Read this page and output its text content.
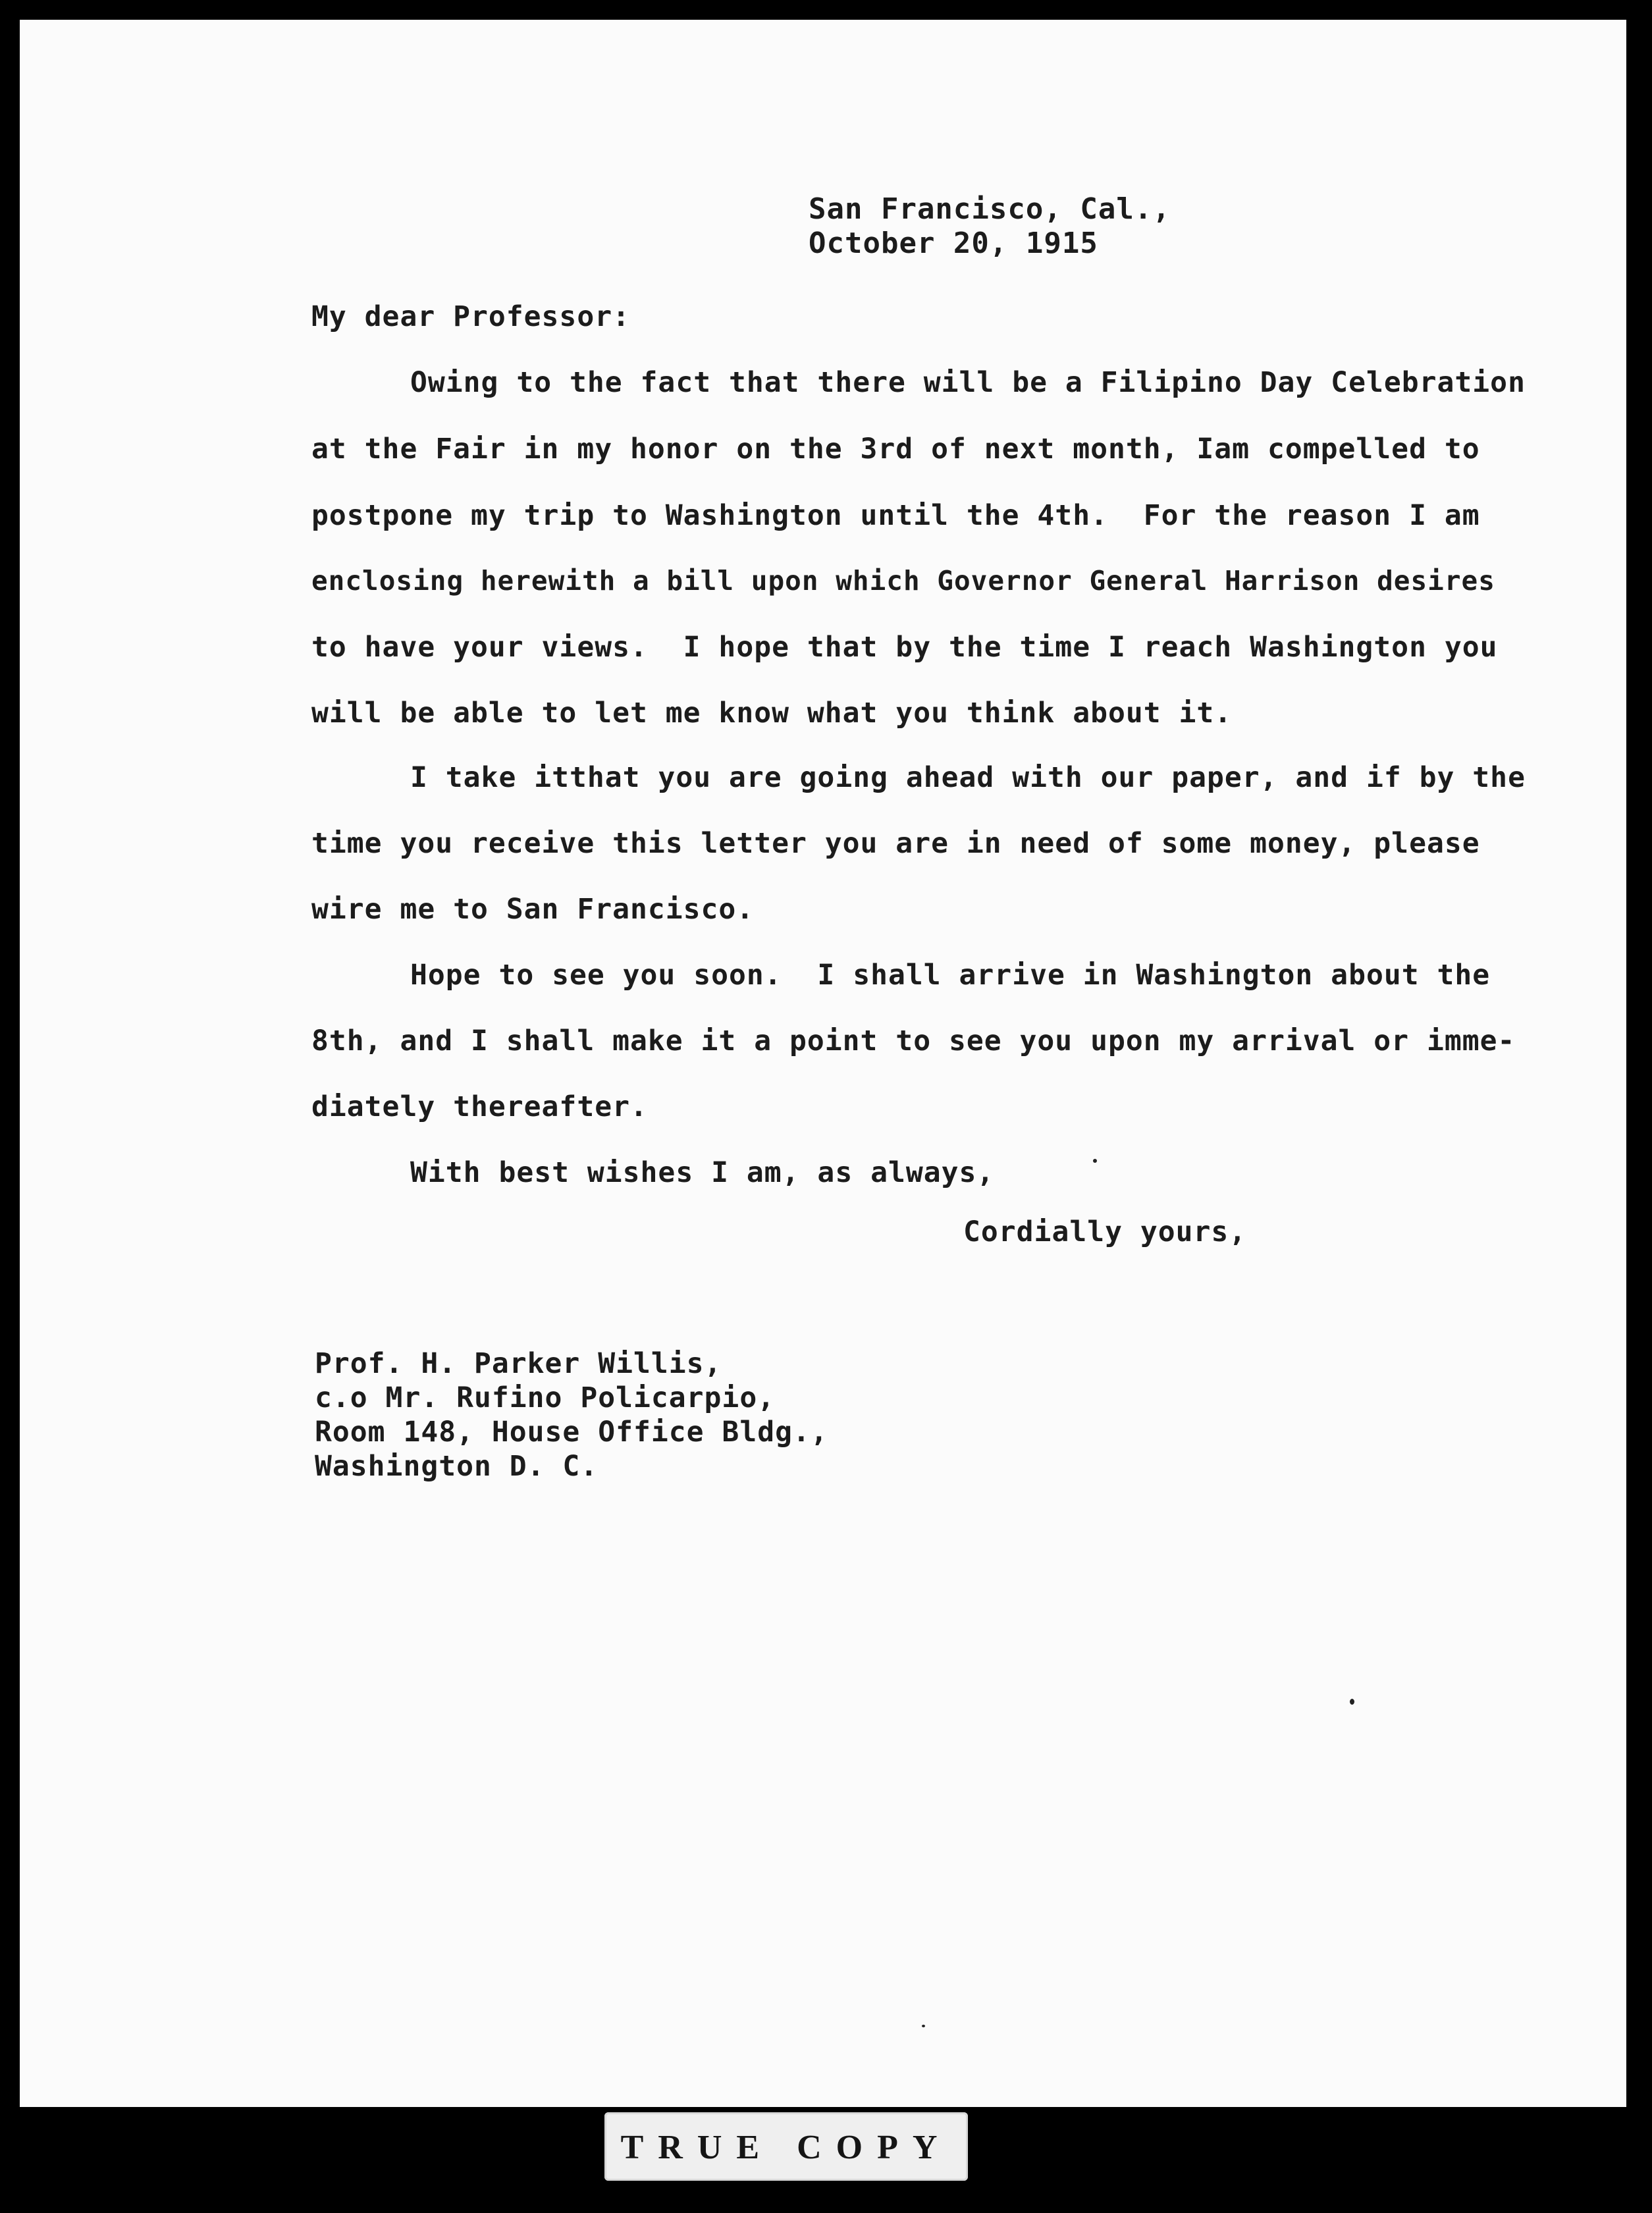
San Francisco, Cal.,
October 20, 1915
My dear Professor:
Owing to the fact that there will be a Filipino Day Celebration
at the Fair in my honor on the 3rd of next month, Iam compelled to
postpone my trip to Washington until the 4th.  For the reason I am
enclosing herewith a bill upon which Governor General Harrison desires
to have your views.  I hope that by the time I reach Washington you
will be able to let me know what you think about it.
I take itthat you are going ahead with our paper, and if by the
time you receive this letter you are in need of some money, please
wire me to San Francisco.
Hope to see you soon.  I shall arrive in Washington about the
8th, and I shall make it a point to see you upon my arrival or imme-
diately thereafter.
With best wishes I am, as always,
Cordially yours,
Prof. H. Parker Willis,
c.o Mr. Rufino Policarpio,
Room 148, House Office Bldg.,
Washington D. C.
TRUE COPY
